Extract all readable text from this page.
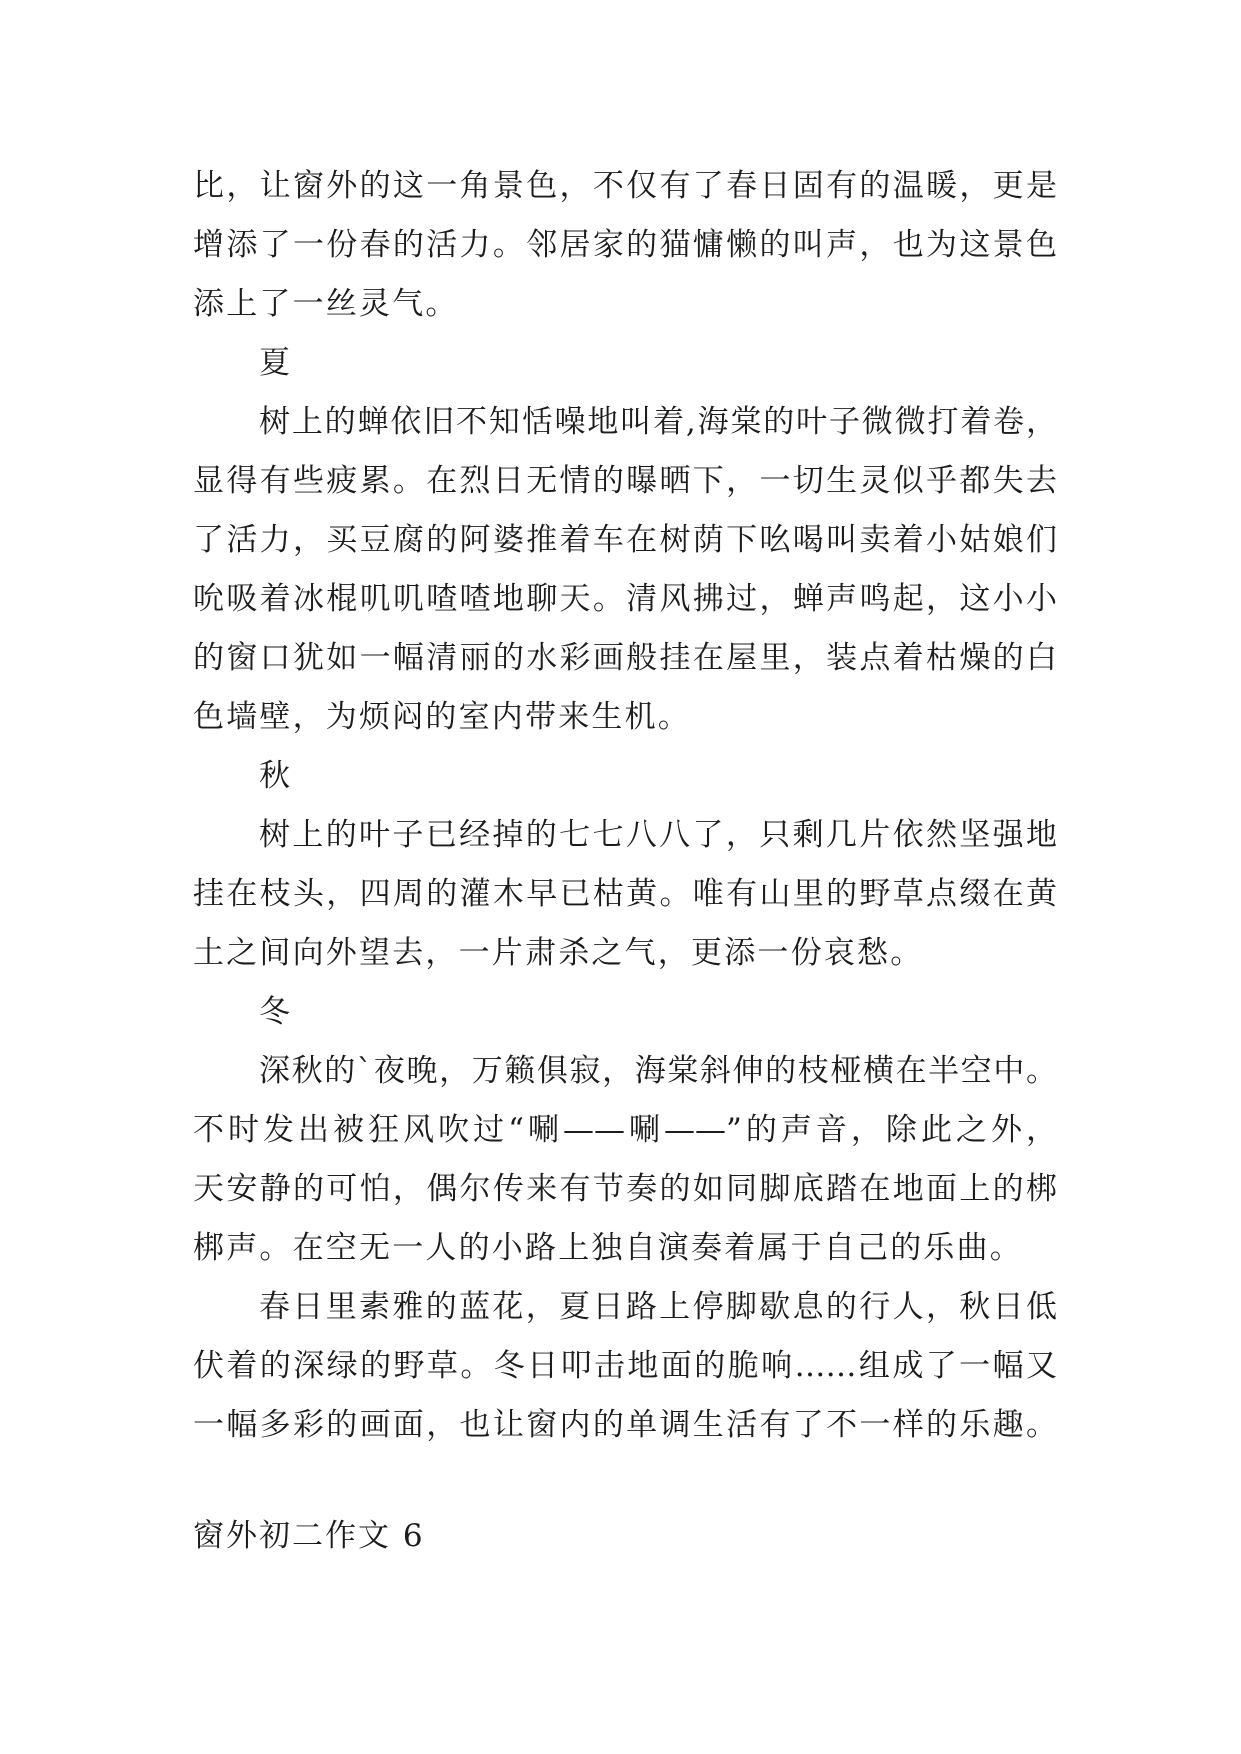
比，让窗外的这一角景色，不仅有了春日固有的温暖，更是
增添了一份春的活力。邻居家的猫慵懒的叫声，也为这景色
添上了一丝灵气。
夏
树上的蝉依旧不知恬噪地叫着,海棠的叶子微微打着卷，
显得有些疲累。在烈日无情的曝晒下，一切生灵似乎都失去
了活力，买豆腐的阿婆推着车在树荫下吆喝叫卖着小姑娘们
吮吸着冰棍叽叽喳喳地聊天。清风拂过，蝉声鸣起，这小小
的窗口犹如一幅清丽的水彩画般挂在屋里，装点着枯燥的白
色墙壁，为烦闷的室内带来生机。
秋
树上的叶子已经掉的七七八八了，只剩几片依然坚强地
挂在枝头，四周的灌木早已枯黄。唯有山里的野草点缀在黄
土之间向外望去，一片肃杀之气，更添一份哀愁。
冬
深秋的`夜晚，万籁俱寂，海棠斜伸的枝桠横在半空中。
不时发出被狂风吹过“唰——唰——”的声音，除此之外，
天安静的可怕，偶尔传来有节奏的如同脚底踏在地面上的梆
梆声。在空无一人的小路上独自演奏着属于自己的乐曲。
春日里素雅的蓝花，夏日路上停脚歇息的行人，秋日低
伏着的深绿的野草。冬日叩击地面的脆响……组成了一幅又
一幅多彩的画面，也让窗内的单调生活有了不一样的乐趣。
窗外初二作文 6
